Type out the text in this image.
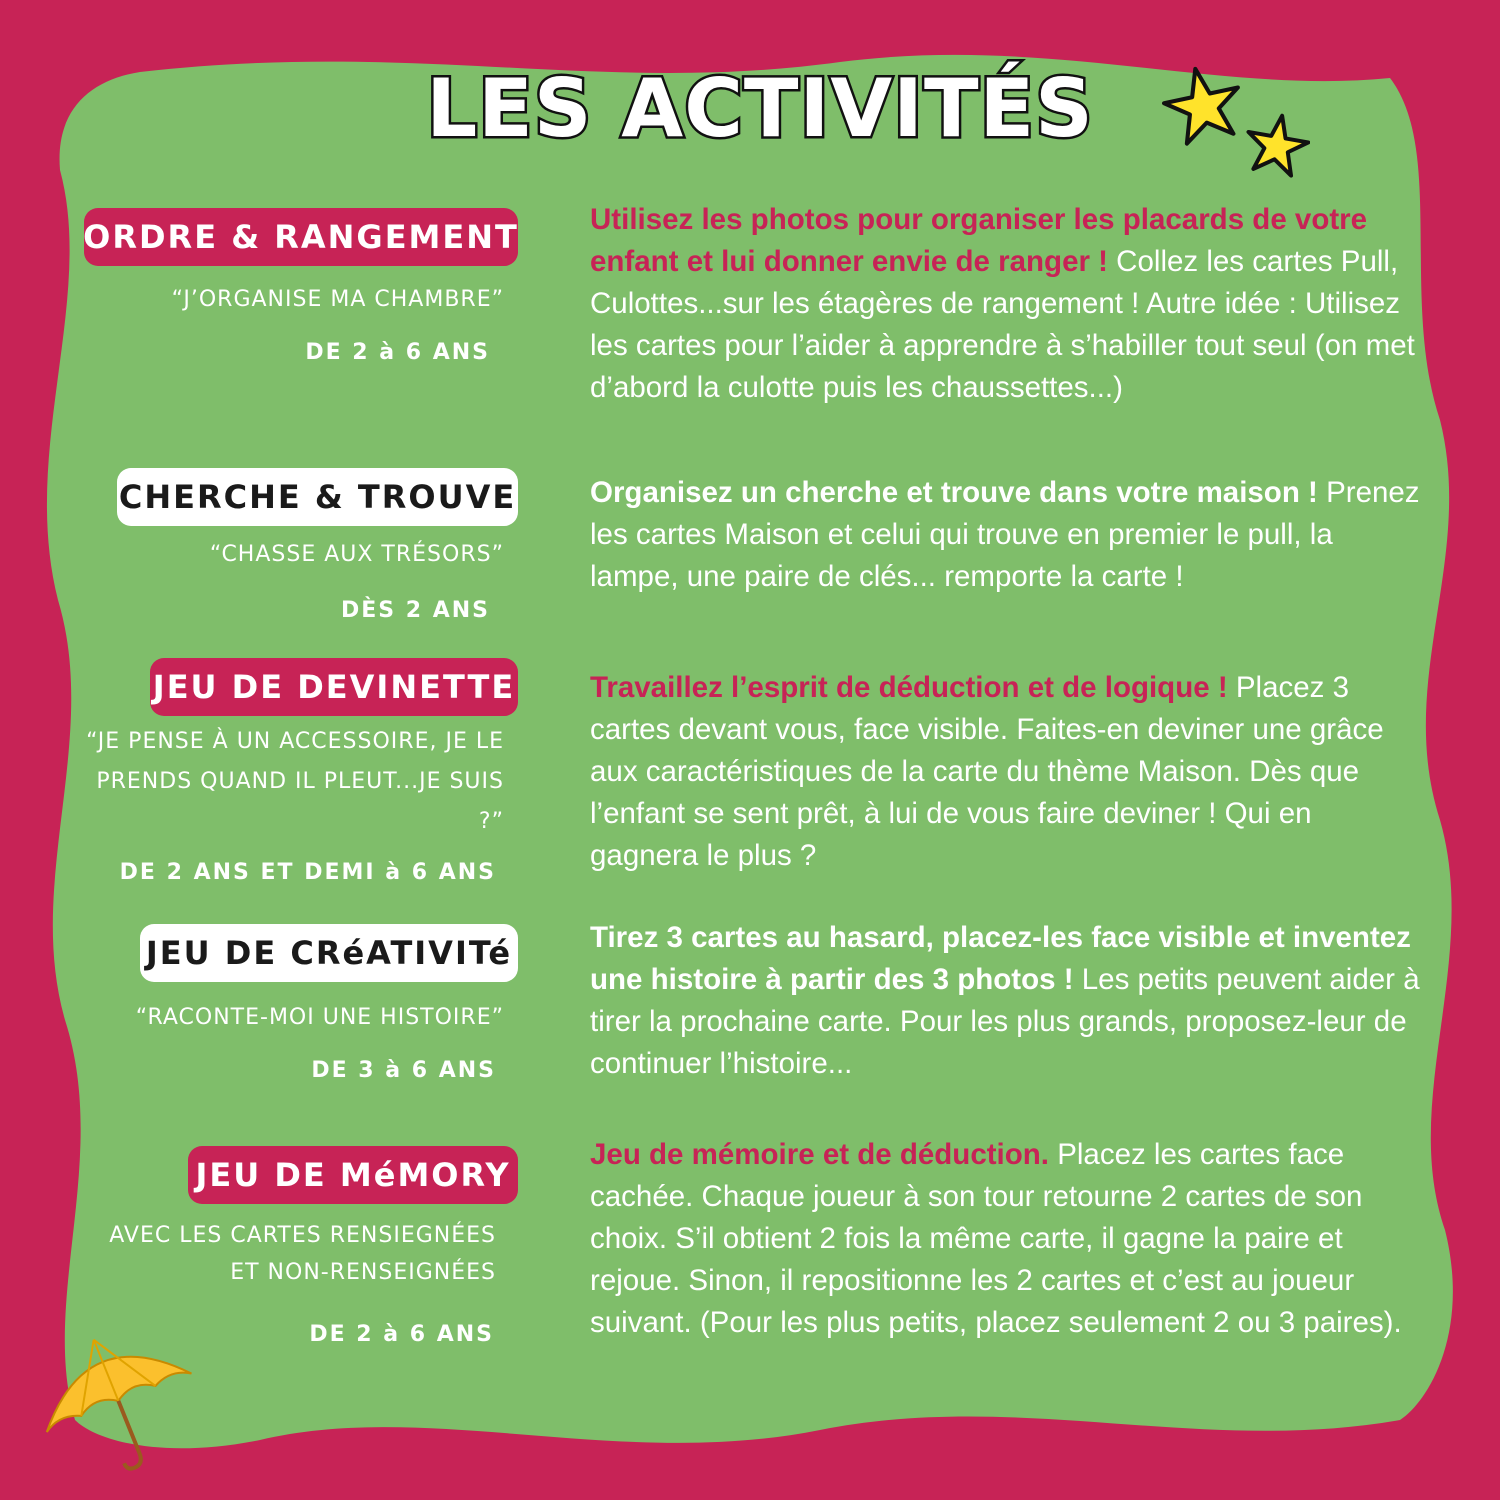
LES ACTIVITÉS
ORDRE & RANGEMENT
“J’ORGANISE MA CHAMBRE”
DE 2 à 6 ANS
Utilisez les photos pour organiser les placards de votre enfant et lui donner envie de ranger ! Collez les cartes Pull, Culottes...sur les étagères de rangement ! Autre idée : Utilisez les cartes pour l’aider à apprendre à s’habiller tout seul (on met d’abord la culotte puis les chaussettes...)
CHERCHE & TROUVE
“CHASSE AUX TRÉSORS”
DÈS 2 ANS
Organisez un cherche et trouve dans votre maison ! Prenez les cartes Maison et celui qui trouve en premier le pull, la lampe, une paire de clés... remporte la carte !
JEU DE DEVINETTE
“JE PENSE À UN ACCESSOIRE, JE LE PRENDS QUAND IL PLEUT...JE SUIS ?”
DE 2 ANS ET DEMI à 6 ANS
Travaillez l’esprit de déduction et de logique ! Placez 3 cartes devant vous, face visible. Faites-en deviner une grâce aux caractéristiques de la carte du thème Maison. Dès que l’enfant se sent prêt, à lui de vous faire deviner ! Qui en gagnera le plus ?
JEU DE CRéATIVITé
“RACONTE-MOI UNE HISTOIRE”
DE 3 à 6 ANS
Tirez 3 cartes au hasard, placez-les face visible et inventez une histoire à partir des 3 photos ! Les petits peuvent aider à tirer la prochaine carte. Pour les plus grands, proposez-leur de continuer l’histoire...
JEU DE MéMORY
AVEC LES CARTES RENSIEGNÉES ET NON-RENSEIGNÉES
DE 2 à 6 ANS
Jeu de mémoire et de déduction. Placez les cartes face cachée. Chaque joueur à son tour retourne 2 cartes de son choix. S’il obtient 2 fois la même carte, il gagne la paire et rejoue. Sinon, il repositionne les 2 cartes et c’est au joueur suivant. (Pour les plus petits, placez seulement 2 ou 3 paires).
